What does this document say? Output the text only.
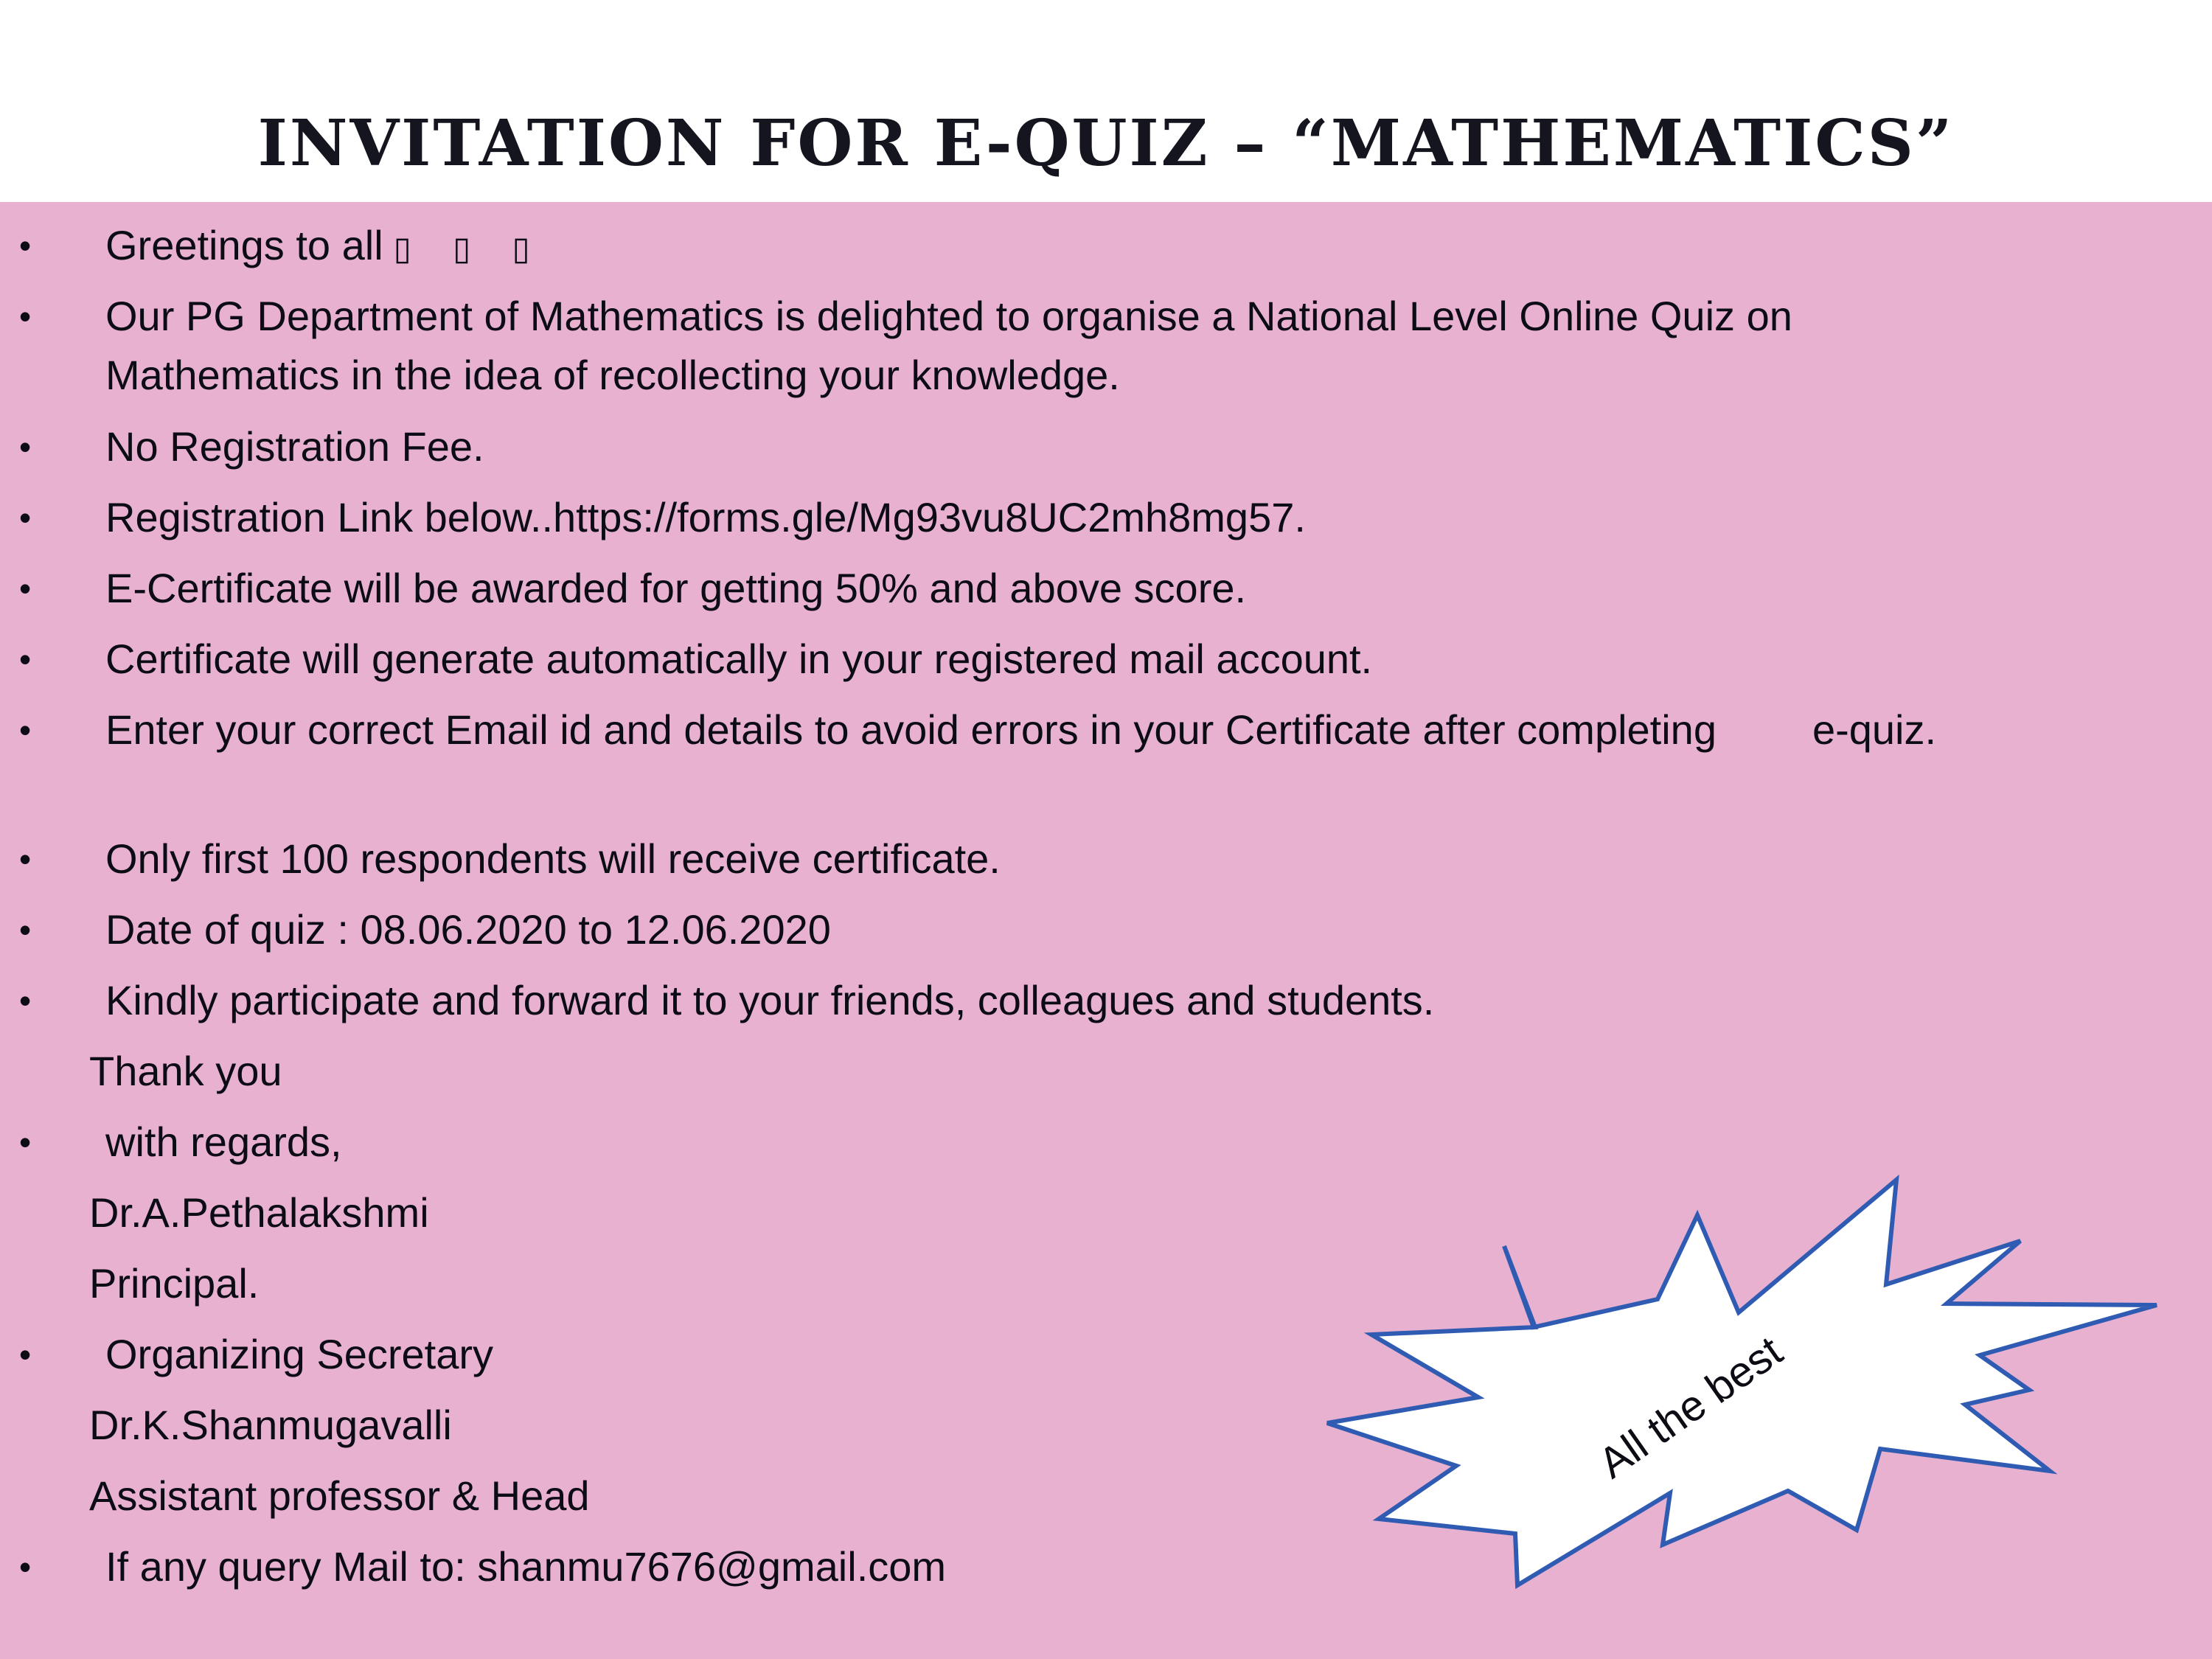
INVITATION FOR E-QUIZ – “MATHEMATICS”
• Greetings to all ▯ ▯ ▯
• Our PG Department of Mathematics is delighted to organise a National Level Online Quiz on
Mathematics in the idea of recollecting your knowledge.
• No Registration Fee.
• Registration Link below..https://forms.gle/Mg93vu8UC2mh8mg57.
• E-Certificate will be awarded for getting 50% and above score.
• Certificate will generate automatically in your registered mail account.
• Enter your correct Email id and details to avoid errors in your Certificate after completing e-quiz.
• Only first 100 respondents will receive certificate.
• Date of quiz : 08.06.2020 to 12.06.2020
• Kindly participate and forward it to your friends, colleagues and students.
Thank you
• with regards,
Dr.A.Pethalakshmi
Principal.
• Organizing Secretary
Dr.K.Shanmugavalli
Assistant professor & Head
• If any query Mail to: shanmu7676@gmail.com
All the best
